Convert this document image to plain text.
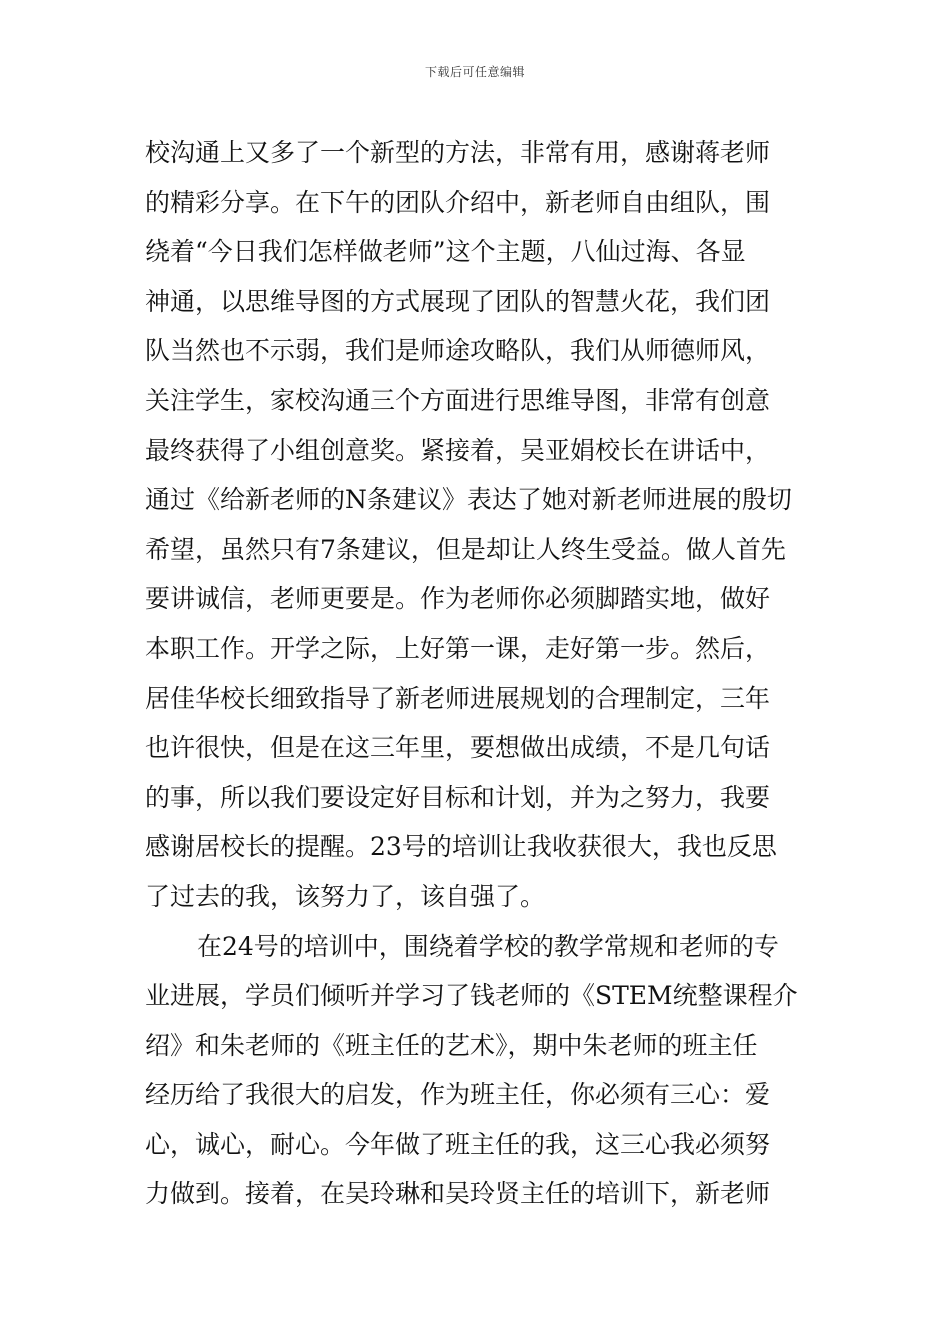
下载后可任意编辑
校沟通上又多了一个新型的方法，非常有用，感谢蒋老师
的精彩分享。在下午的团队介绍中，新老师自由组队，围
绕着“今日我们怎样做老师”这个主题，八仙过海、各显
神通，以思维导图的方式展现了团队的智慧火花，我们团
队当然也不示弱，我们是师途攻略队，我们从师德师风，
关注学生，家校沟通三个方面进行思维导图，非常有创意
最终获得了小组创意奖。紧接着，吴亚娟校长在讲话中，
通过《给新老师的N条建议》表达了她对新老师进展的殷切
希望，虽然只有7条建议，但是却让人终生受益。做人首先
要讲诚信，老师更要是。作为老师你必须脚踏实地，做好
本职工作。开学之际，上好第一课，走好第一步。然后，
居佳华校长细致指导了新老师进展规划的合理制定，三年
也许很快，但是在这三年里，要想做出成绩，不是几句话
的事，所以我们要设定好目标和计划，并为之努力，我要
感谢居校长的提醒。23号的培训让我收获很大，我也反思
了过去的我，该努力了，该自强了。
在24号的培训中，围绕着学校的教学常规和老师的专
业进展，学员们倾听并学习了钱老师的《STEM统整课程介
绍》和朱老师的《班主任的艺术》，期中朱老师的班主任
经历给了我很大的启发，作为班主任，你必须有三心：爱
心，诚心，耐心。今年做了班主任的我，这三心我必须努
力做到。接着，在吴玲琳和吴玲贤主任的培训下，新老师
